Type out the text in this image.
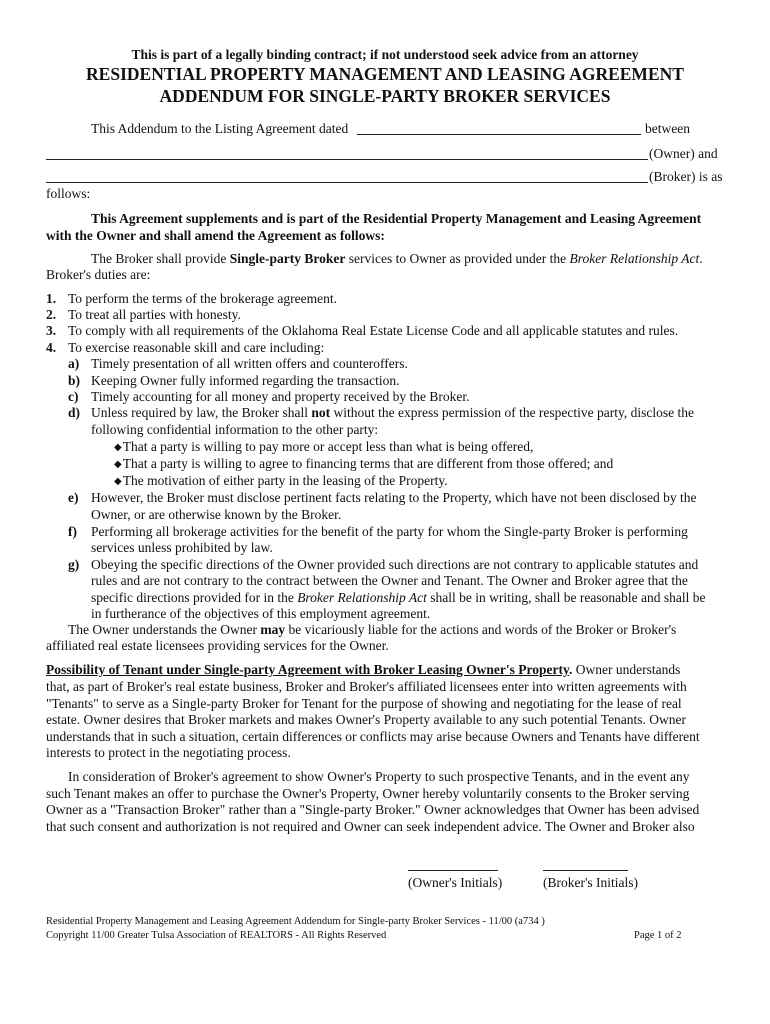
This is part of a legally binding contract; if not understood seek advice from an attorney
RESIDENTIAL PROPERTY MANAGEMENT AND LEASING AGREEMENT
ADDENDUM FOR SINGLE-PARTY BROKER SERVICES
This Addendum to the Listing Agreement dated	between
(Owner) and
(Broker) is as
follows:
This Agreement supplements and is part of the Residential Property Management and Leasing Agreement
with the Owner and shall amend the Agreement as follows:
The Broker shall provide Single-party Broker services to Owner as provided under the Broker Relationship Act.
Broker's duties are:
1. To perform the terms of the brokerage agreement.
2. To treat all parties with honesty.
3. To comply with all requirements of the Oklahoma Real Estate License Code and all applicable statutes and rules.
4. To exercise reasonable skill and care including:
a) Timely presentation of all written offers and counteroffers.
b) Keeping Owner fully informed regarding the transaction.
c) Timely accounting for all money and property received by the Broker.
d) Unless required by law, the Broker shall not without the express permission of the respective party, disclose the
following confidential information to the other party:
◆That a party is willing to pay more or accept less than what is being offered,
◆That a party is willing to agree to financing terms that are different from those offered; and
◆The motivation of either party in the leasing of the Property.
e) However, the Broker must disclose pertinent facts relating to the Property, which have not been disclosed by the
Owner, or are otherwise known by the Broker.
f) Performing all brokerage activities for the benefit of the party for whom the Single-party Broker is performing
services unless prohibited by law.
g) Obeying the specific directions of the Owner provided such directions are not contrary to applicable statutes and
rules and are not contrary to the contract between the Owner and Tenant. The Owner and Broker agree that the
specific directions provided for in the Broker Relationship Act shall be in writing, shall be reasonable and shall be
in furtherance of the objectives of this employment agreement.
The Owner understands the Owner may be vicariously liable for the actions and words of the Broker or Broker's
affiliated real estate licensees providing services for the Owner.
Possibility of Tenant under Single-party Agreement with Broker Leasing Owner's Property. Owner understands
that, as part of Broker's real estate business, Broker and Broker's affiliated licensees enter into written agreements with
"Tenants" to serve as a Single-party Broker for Tenant for the purpose of showing and negotiating for the lease of real
estate. Owner desires that Broker markets and makes Owner's Property available to any such potential Tenants. Owner
understands that in such a situation, certain differences or conflicts may arise because Owners and Tenants have different
interests to protect in the negotiating process.
In consideration of Broker's agreement to show Owner's Property to such prospective Tenants, and in the event any
such Tenant makes an offer to purchase the Owner's Property, Owner hereby voluntarily consents to the Broker serving
Owner as a "Transaction Broker" rather than a "Single-party Broker." Owner acknowledges that Owner has been advised
that such consent and authorization is not required and Owner can seek independent advice. The Owner and Broker also
(Owner's Initials)	(Broker's Initials)
Residential Property Management and Leasing Agreement Addendum for Single-party Broker Services - 11/00 (a734 )
Copyright 11/00 Greater Tulsa Association of REALTORS - All Rights Reserved	Page 1 of 2
